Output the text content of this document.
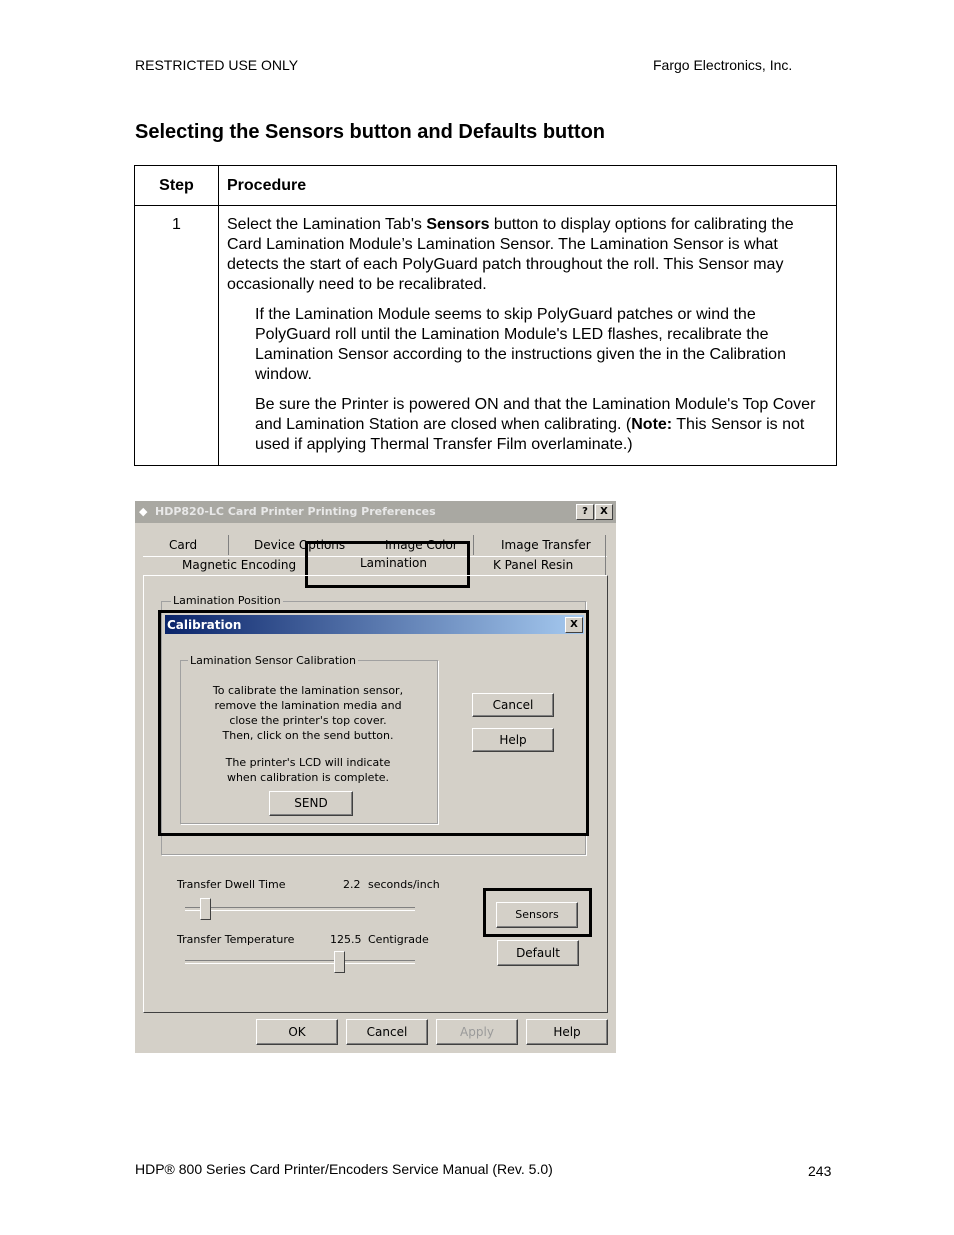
RESTRICTED USE ONLY	Fargo Electronics, Inc.
Selecting the Sensors button and Defaults button
Step	Procedure
1	Select the Lamination Tab's Sensors button to display options for calibrating the Card Lamination Module’s Lamination Sensor. The Lamination Sensor is what detects the start of each PolyGuard patch throughout the roll. This Sensor may occasionally need to be recalibrated.

If the Lamination Module seems to skip PolyGuard patches or wind the PolyGuard roll until the Lamination Module's LED flashes, recalibrate the Lamination Sensor according to the instructions given the in the Calibration window.

Be sure the Printer is powered ON and that the Lamination Module's Top Cover and Lamination Station are closed when calibrating. (Note: This Sensor is not used if applying Thermal Transfer Film overlaminate.)

◆ HDP820-LC Card Printer Printing Preferences	?	X
Card	Device Options	Image Color	Image Transfer
Magnetic Encoding	Lamination	K Panel Resin
Lamination Position
Calibration	X
Lamination Sensor Calibration
To calibrate the lamination sensor,
remove the lamination media and
close the printer's top cover.
Then, click on the send button.
The printer's LCD will indicate
when calibration is complete.
SEND
Cancel
Help
Transfer Dwell Time	2.2 seconds/inch
Transfer Temperature	125.5 Centigrade
Sensors
Default
OK	Cancel	Apply	Help
HDP® 800 Series Card Printer/Encoders Service Manual (Rev. 5.0)	243
